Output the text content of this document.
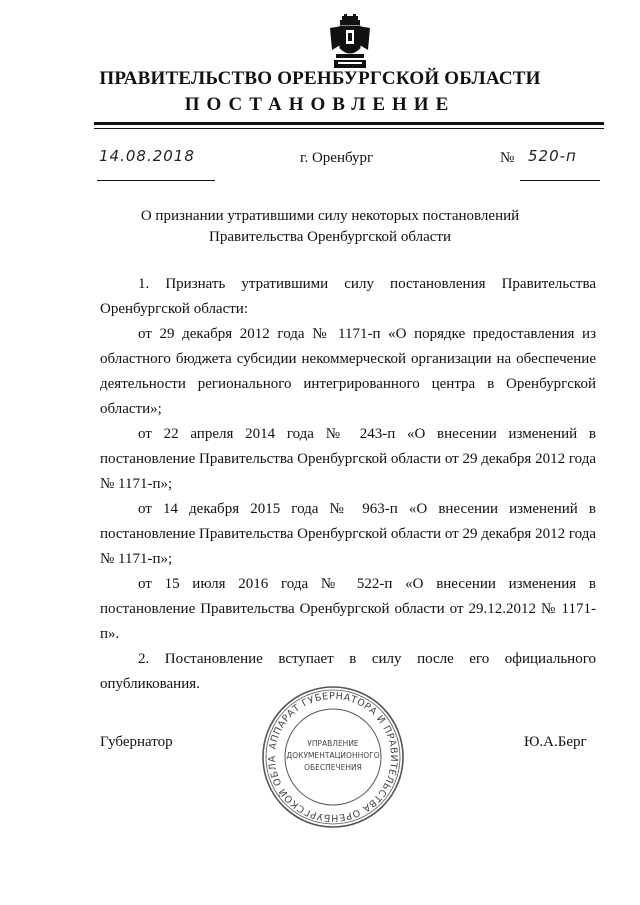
ПРАВИТЕЛЬСТВО ОРЕНБУРГСКОЙ ОБЛАСТИ
ПОСТАНОВЛЕНИЕ
14.08.2018	г. Оренбург	№ 520-п
О признании утратившими силу некоторых постановлений
Правительства Оренбургской области

1. Признать утратившими силу постановления Правительства Оренбургской области:

от 29 декабря 2012 года № 1171-п «О порядке предоставления из областного бюджета субсидии некоммерческой организации на обеспечение деятельности регионального интегрированного центра в Оренбургской области»;

от 22 апреля 2014 года № 243-п «О внесении изменений в постановление Правительства Оренбургской области от 29 декабря 2012 года № 1171-п»;

от 14 декабря 2015 года № 963-п «О внесении изменений в постановление Правительства Оренбургской области от 29 декабря 2012 года № 1171-п»;

от 15 июля 2016 года № 522-п «О внесении изменения в постановление Правительства Оренбургской области от 29.12.2012 № 1171-п».

2. Постановление вступает в силу после его официального опубликования.

Губернатор	Ю.А.Берг
АППАРАТ ГУБЕРНАТОРА И ПРАВИТЕЛЬСТВА ОРЕНБУРГСКОЙ ОБЛА
УПРАВЛЕНИЕ
ДОКУМЕНТАЦИОННОГО
ОБЕСПЕЧЕНИЯ
